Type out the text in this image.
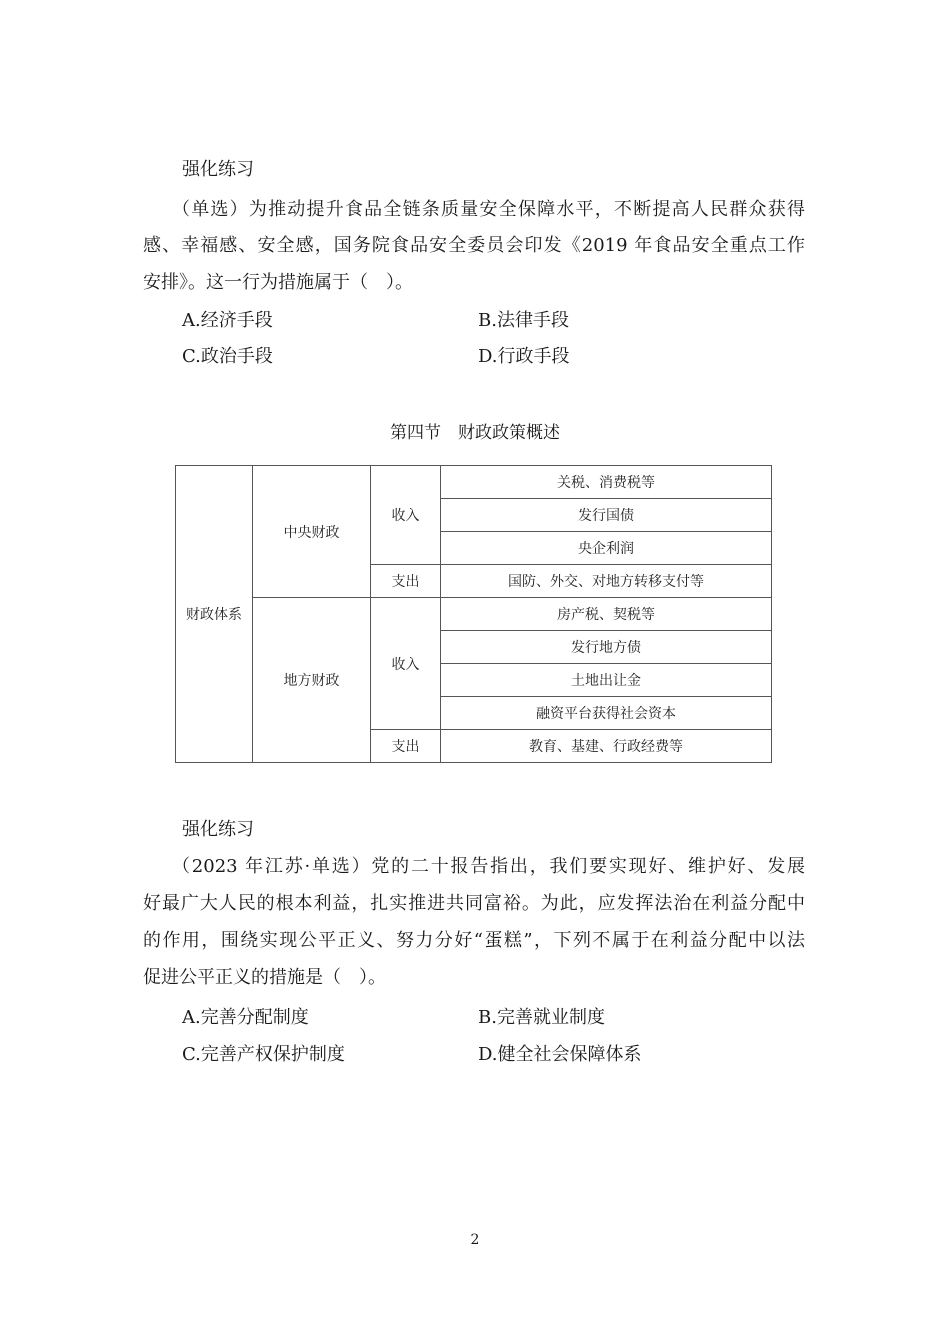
强化练习
（单选）为推动提升食品全链条质量安全保障水平，不断提高人民群众获得
感、幸福感、安全感，国务院食品安全委员会印发《2019 年食品安全重点工作
安排》。这一行为措施属于（　）。
A.经济手段	B.法律手段
C.政治手段	D.行政手段
第四节　财政政策概述
财政体系	中央财政	收入	关税、消费税等
			发行国债
			央企利润
		支出	国防、外交、对地方转移支付等
	地方财政	收入	房产税、契税等
			发行地方债
			土地出让金
			融资平台获得社会资本
		支出	教育、基建、行政经费等
强化练习
（2023 年江苏·单选）党的二十报告指出，我们要实现好、维护好、发展
好最广大人民的根本利益，扎实推进共同富裕。为此，应发挥法治在利益分配中
的作用，围绕实现公平正义、努力分好“蛋糕”，下列不属于在利益分配中以法
促进公平正义的措施是（　）。
A.完善分配制度	B.完善就业制度
C.完善产权保护制度	D.健全社会保障体系
2
